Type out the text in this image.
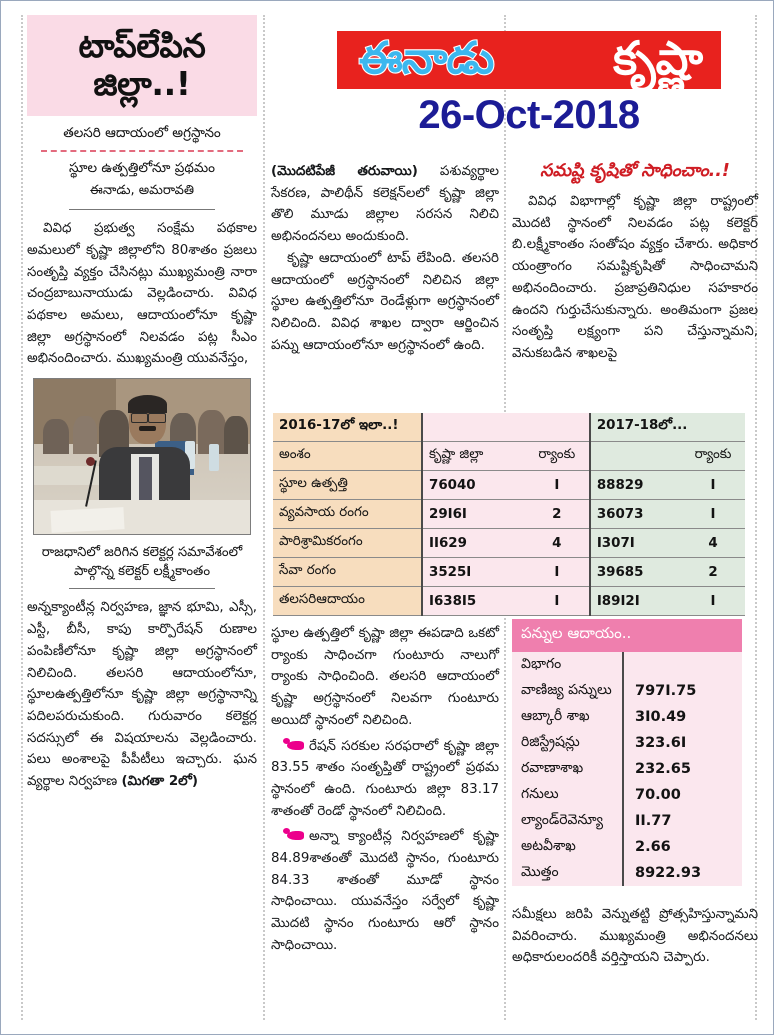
టాప్‌లేపిన
జిల్లా..!
తలసరి ఆదాయంలో అగ్రస్థానం
స్థూల ఉత్పత్తిలోనూ ప్రథమం
ఈనాడు, అమరావతి
వివిధ ప్రభుత్వ సంక్షేమ పథకాల అమలులో కృష్ణా జిల్లాలోని 80శాతం ప్రజలు సంతృప్తి వ్యక్తం చేసినట్లు ముఖ్యమంత్రి నారా చంద్రబాబునాయుడు వెల్లడించారు. వివిధ పథకాల అమలు, ఆదాయంలోనూ కృష్ణా జిల్లా అగ్రస్థానంలో నిలవడం పట్ల సీఎం అభినందించారు. ముఖ్యమంత్రి యువనేస్తం,
రాజధానిలో జరిగిన కలెక్టర్ల సమావేశంలో
పాల్గొన్న కలెక్టర్ లక్ష్మీకాంతం
అన్నక్యాంటీన్ల నిర్వహణ, జ్ఞాన భూమి, ఎస్సీ, ఎస్టీ, బీసీ, కాపు కార్పొరేషన్ రుణాల పంపిణీలోనూ కృష్ణా జిల్లా అగ్రస్థానంలో నిలిచింది. తలసరి ఆదాయంలోనూ, స్థూలఉత్పత్తిలోనూ కృష్ణా జిల్లా అగ్రస్థానాన్ని పదిలపరుచుకుంది. గురువారం కలెక్టర్ల సదస్సులో ఈ విషయాలను వెల్లడించారు. పలు అంశాలపై పీపీటీలు ఇచ్చారు. ఘన వ్యర్థాల నిర్వహణ (మిగతా 2లో)
ఈనాడు	కృష్ణా
26-Oct-2018
(మొదటిపేజీ తరువాయి) పశువ్యర్థాల సేకరణ, పాలిథీన్ కలెక్షన్‌లలో కృష్ణా జిల్లా తొలి మూడు జిల్లాల సరసన నిలిచి అభినందనలు అందుకుంది.
కృష్ణా ఆదాయంలో టాప్ లేపింది. తలసరి ఆదాయంలో అగ్రస్థానంలో నిలిచిన జిల్లా స్థూల ఉత్పత్తిలోనూ రెండేళ్లుగా అగ్రస్థానంలో నిలిచింది. వివిధ శాఖల ద్వారా ఆర్జించిన పన్ను ఆదాయంలోనూ అగ్రస్థానంలో ఉంది.
సమష్టి కృషితో సాధించాం..!
వివిధ విభాగాల్లో కృష్ణా జిల్లా రాష్ట్రంలో మొదటి స్థానంలో నిలవడం పట్ల కలెక్టర్ బి.లక్ష్మీకాంతం సంతోషం వ్యక్తం చేశారు. అధికార యంత్రాంగం సమష్టికృషితో సాధించామని అభినందించారు. ప్రజాప్రతినిధుల సహకారం ఉందని గుర్తుచేసుకున్నారు. అంతిమంగా ప్రజల సంతృప్తి లక్ష్యంగా పని చేస్తున్నామని, వెనుకబడిన శాఖలపై
2016-17లో ఇలా..!			2017-18లో...	
అంశం	కృష్ణా జిల్లా	ర్యాంకు		ర్యాంకు
స్థూల ఉత్పత్తి	76040	I	88829	I
వ్యవసాయ రంగం	29I6I	2	36073	I
పారిశ్రామికరంగం	II629	4	I307I	4
సేవా రంగం	3525I	I	39685	2
తలసరిఆదాయం	I638I5	I	I89I2I	I
స్థూల ఉత్పత్తిలో కృష్ణా జిల్లా ఈపడాది ఒకటో ర్యాంకు సాధించగా గుంటూరు నాలుగో ర్యాంకు సాధించింది. తలసరి ఆదాయంలో కృష్ణా అగ్రస్థానంలో నిలవగా గుంటూరు అయిదో స్థానంలో నిలిచింది.
రేషన్ సరకుల సరఫరాలో కృష్ణా జిల్లా 83.55 శాతం సంతృప్తితో రాష్ట్రంలో ప్రథమ స్థానంలో ఉంది. గుంటూరు జిల్లా 83.17 శాతంతో రెండో స్థానంలో నిలిచింది.
అన్నా క్యాంటీన్ల నిర్వహణలో కృష్ణా 84.89శాతంతో మొదటి స్థానం, గుంటూరు 84.33 శాతంతో మూడో స్థానం సాధించాయి. యువనేస్తం సర్వేలో కృష్ణా మొదటి స్థానం గుంటూరు ఆరో స్థానం సాధించాయి.
పన్నుల ఆదాయం..
విభాగం	
వాణిజ్య పన్నులు	797I.75
ఆబ్కారీ శాఖ	3I0.49
రిజిస్ట్రేషన్లు	323.6I
రవాణాశాఖ	232.65
గనులు	70.00
ల్యాండ్‌రెవెన్యూ	II.77
అటవీశాఖ	2.66
మొత్తం	8922.93
సమీక్షలు జరిపి వెన్నుతట్టి ప్రోత్సహిస్తున్నామని వివరించారు. ముఖ్యమంత్రి అభినందనలు అధికారులందరికీ వర్తిస్తాయని చెప్పారు.
